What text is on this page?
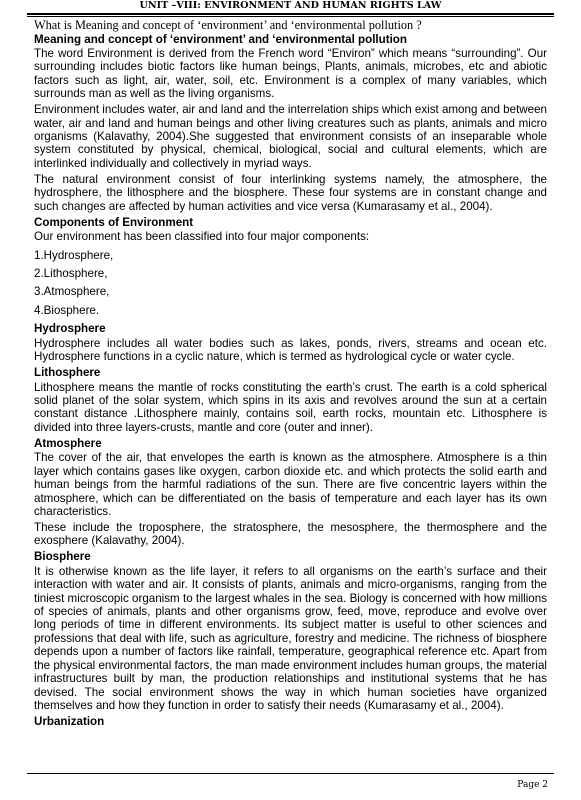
UNIT –VIII: ENVIRONMENT AND HUMAN RIGHTS LAW
What is Meaning and concept of ‘environment’ and ‘environmental pollution ?
Meaning and concept of ‘environment’ and ‘environmental pollution

The word Environment is derived from the French word “Environ” which means “surrounding”. Our surrounding includes biotic factors like human beings, Plants, animals, microbes, etc and abiotic factors such as light, air, water, soil, etc. Environment is a complex of many variables, which surrounds man as well as the living organisms.

Environment includes water, air and land and the interrelation ships which exist among and between water, air and land and human beings and other living creatures such as plants, animals and micro organisms (Kalavathy, 2004).She suggested that environment consists of an inseparable whole system constituted by physical, chemical, biological, social and cultural elements, which are interlinked individually and collectively in myriad ways.

The natural environment consist of four interlinking systems namely, the atmosphere, the hydrosphere, the lithosphere and the biosphere. These four systems are in constant change and such changes are affected by human activities and vice versa (Kumarasamy et al., 2004).

Components of Environment

Our environment has been classified into four major components:

1.Hydrosphere,

2.Lithosphere,

3.Atmosphere,

4.Biosphere.

Hydrosphere

Hydrosphere includes all water bodies such as lakes, ponds, rivers, streams and ocean etc. Hydrosphere functions in a cyclic nature, which is termed as hydrological cycle or water cycle.

Lithosphere

Lithosphere means the mantle of rocks constituting the earth’s crust. The earth is a cold spherical solid planet of the solar system, which spins in its axis and revolves around the sun at a certain constant distance .Lithosphere mainly, contains soil, earth rocks, mountain etc. Lithosphere is divided into three layers-crusts, mantle and core (outer and inner).

Atmosphere

The cover of the air, that envelopes the earth is known as the atmosphere. Atmosphere is a thin layer which contains gases like oxygen, carbon dioxide etc. and which protects the solid earth and human beings from the harmful radiations of the sun. There are five concentric layers within the atmosphere, which can be differentiated on the basis of temperature and each layer has its own characteristics.

These include the troposphere, the stratosphere, the mesosphere, the thermosphere and the exosphere (Kalavathy, 2004).

Biosphere

It is otherwise known as the life layer, it refers to all organisms on the earth’s surface and their interaction with water and air. It consists of plants, animals and micro-organisms, ranging from the tiniest microscopic organism to the largest whales in the sea. Biology is concerned with how millions of species of animals, plants and other organisms grow, feed, move, reproduce and evolve over long periods of time in different environments. Its subject matter is useful to other sciences and professions that deal with life, such as agriculture, forestry and medicine. The richness of biosphere depends upon a number of factors like rainfall, temperature, geographical reference etc. Apart from the physical environmental factors, the man made environment includes human groups, the material infrastructures built by man, the production relationships and institutional systems that he has devised. The social environment shows the way in which human societies have organized themselves and how they function in order to satisfy their needs (Kumarasamy et al., 2004).

Urbanization
Page 2
